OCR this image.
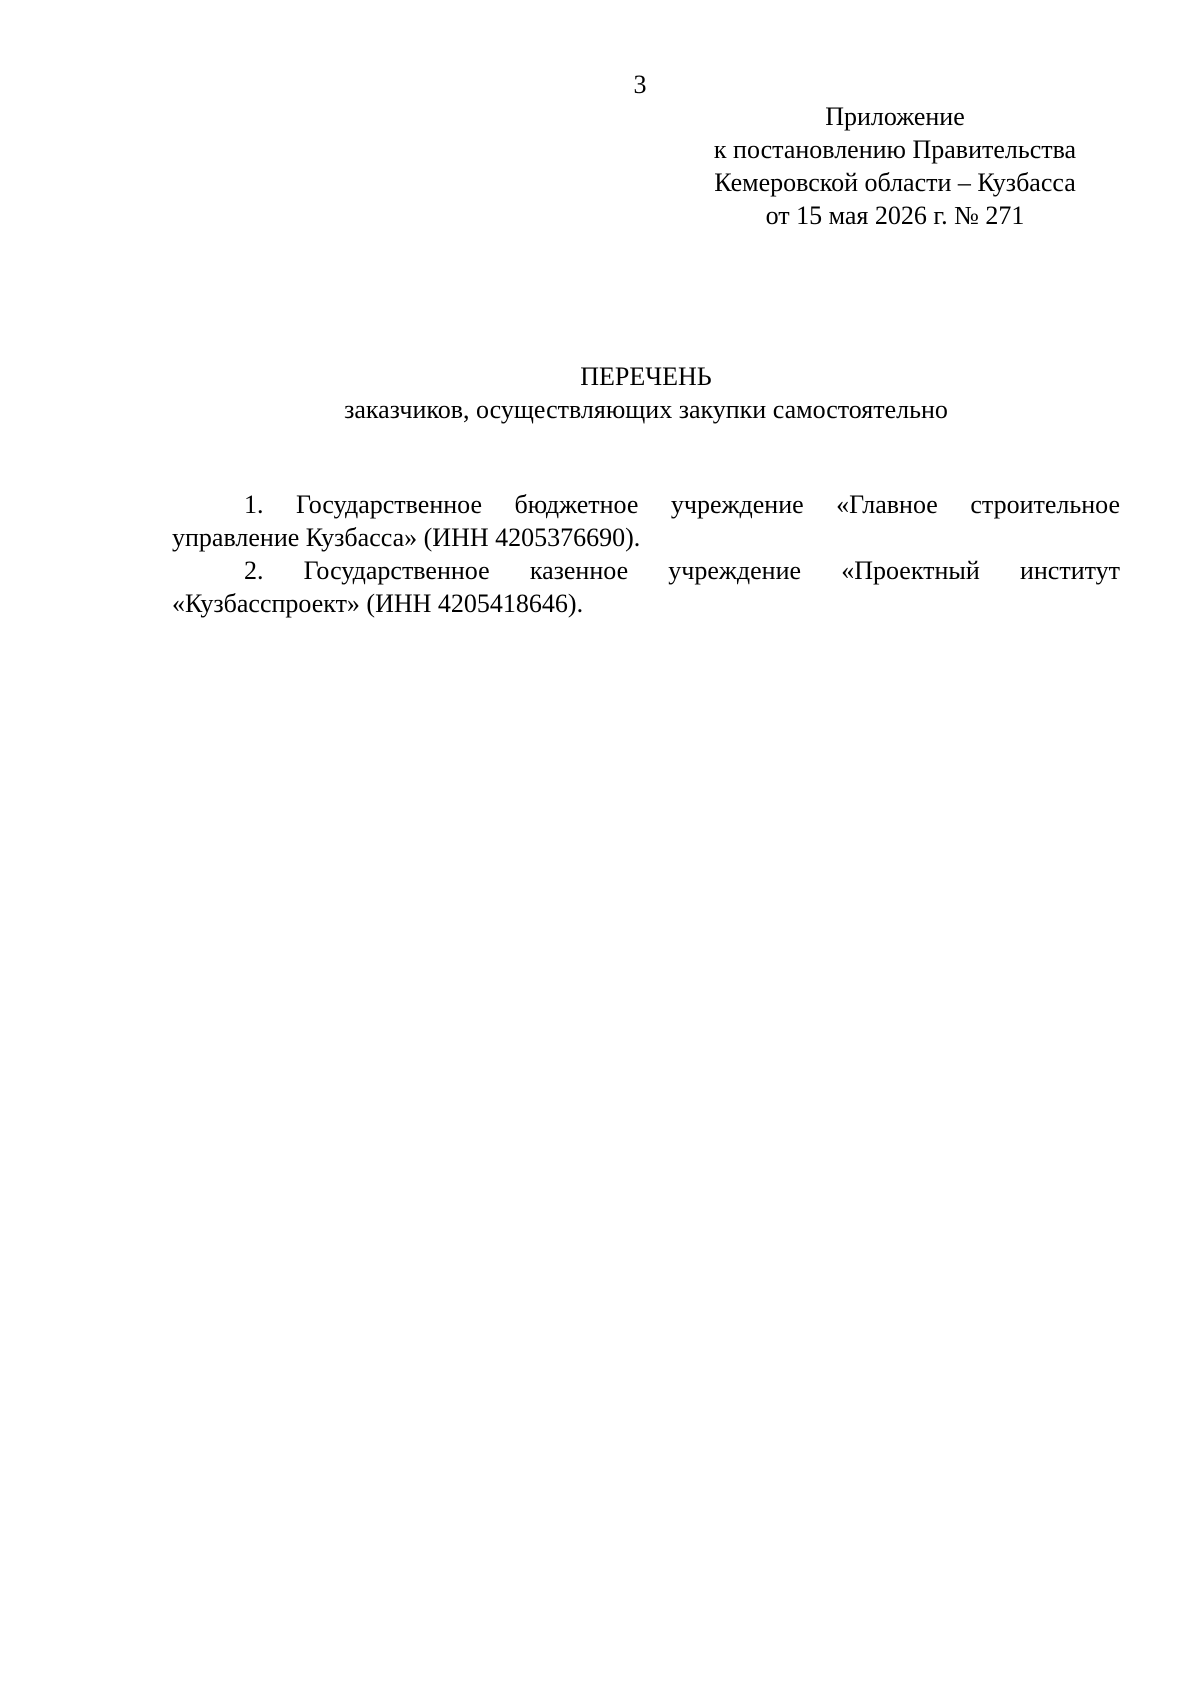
3
Приложение
к постановлению Правительства
Кемеровской области – Кузбасса
от 15 мая 2026 г. № 271
ПЕРЕЧЕНЬ
заказчиков, осуществляющих закупки самостоятельно

1. Государственное бюджетное учреждение «Главное строительное управление Кузбасса» (ИНН 4205376690).

2. Государственное казенное учреждение «Проектный институт «Кузбасспроект» (ИНН 4205418646).
